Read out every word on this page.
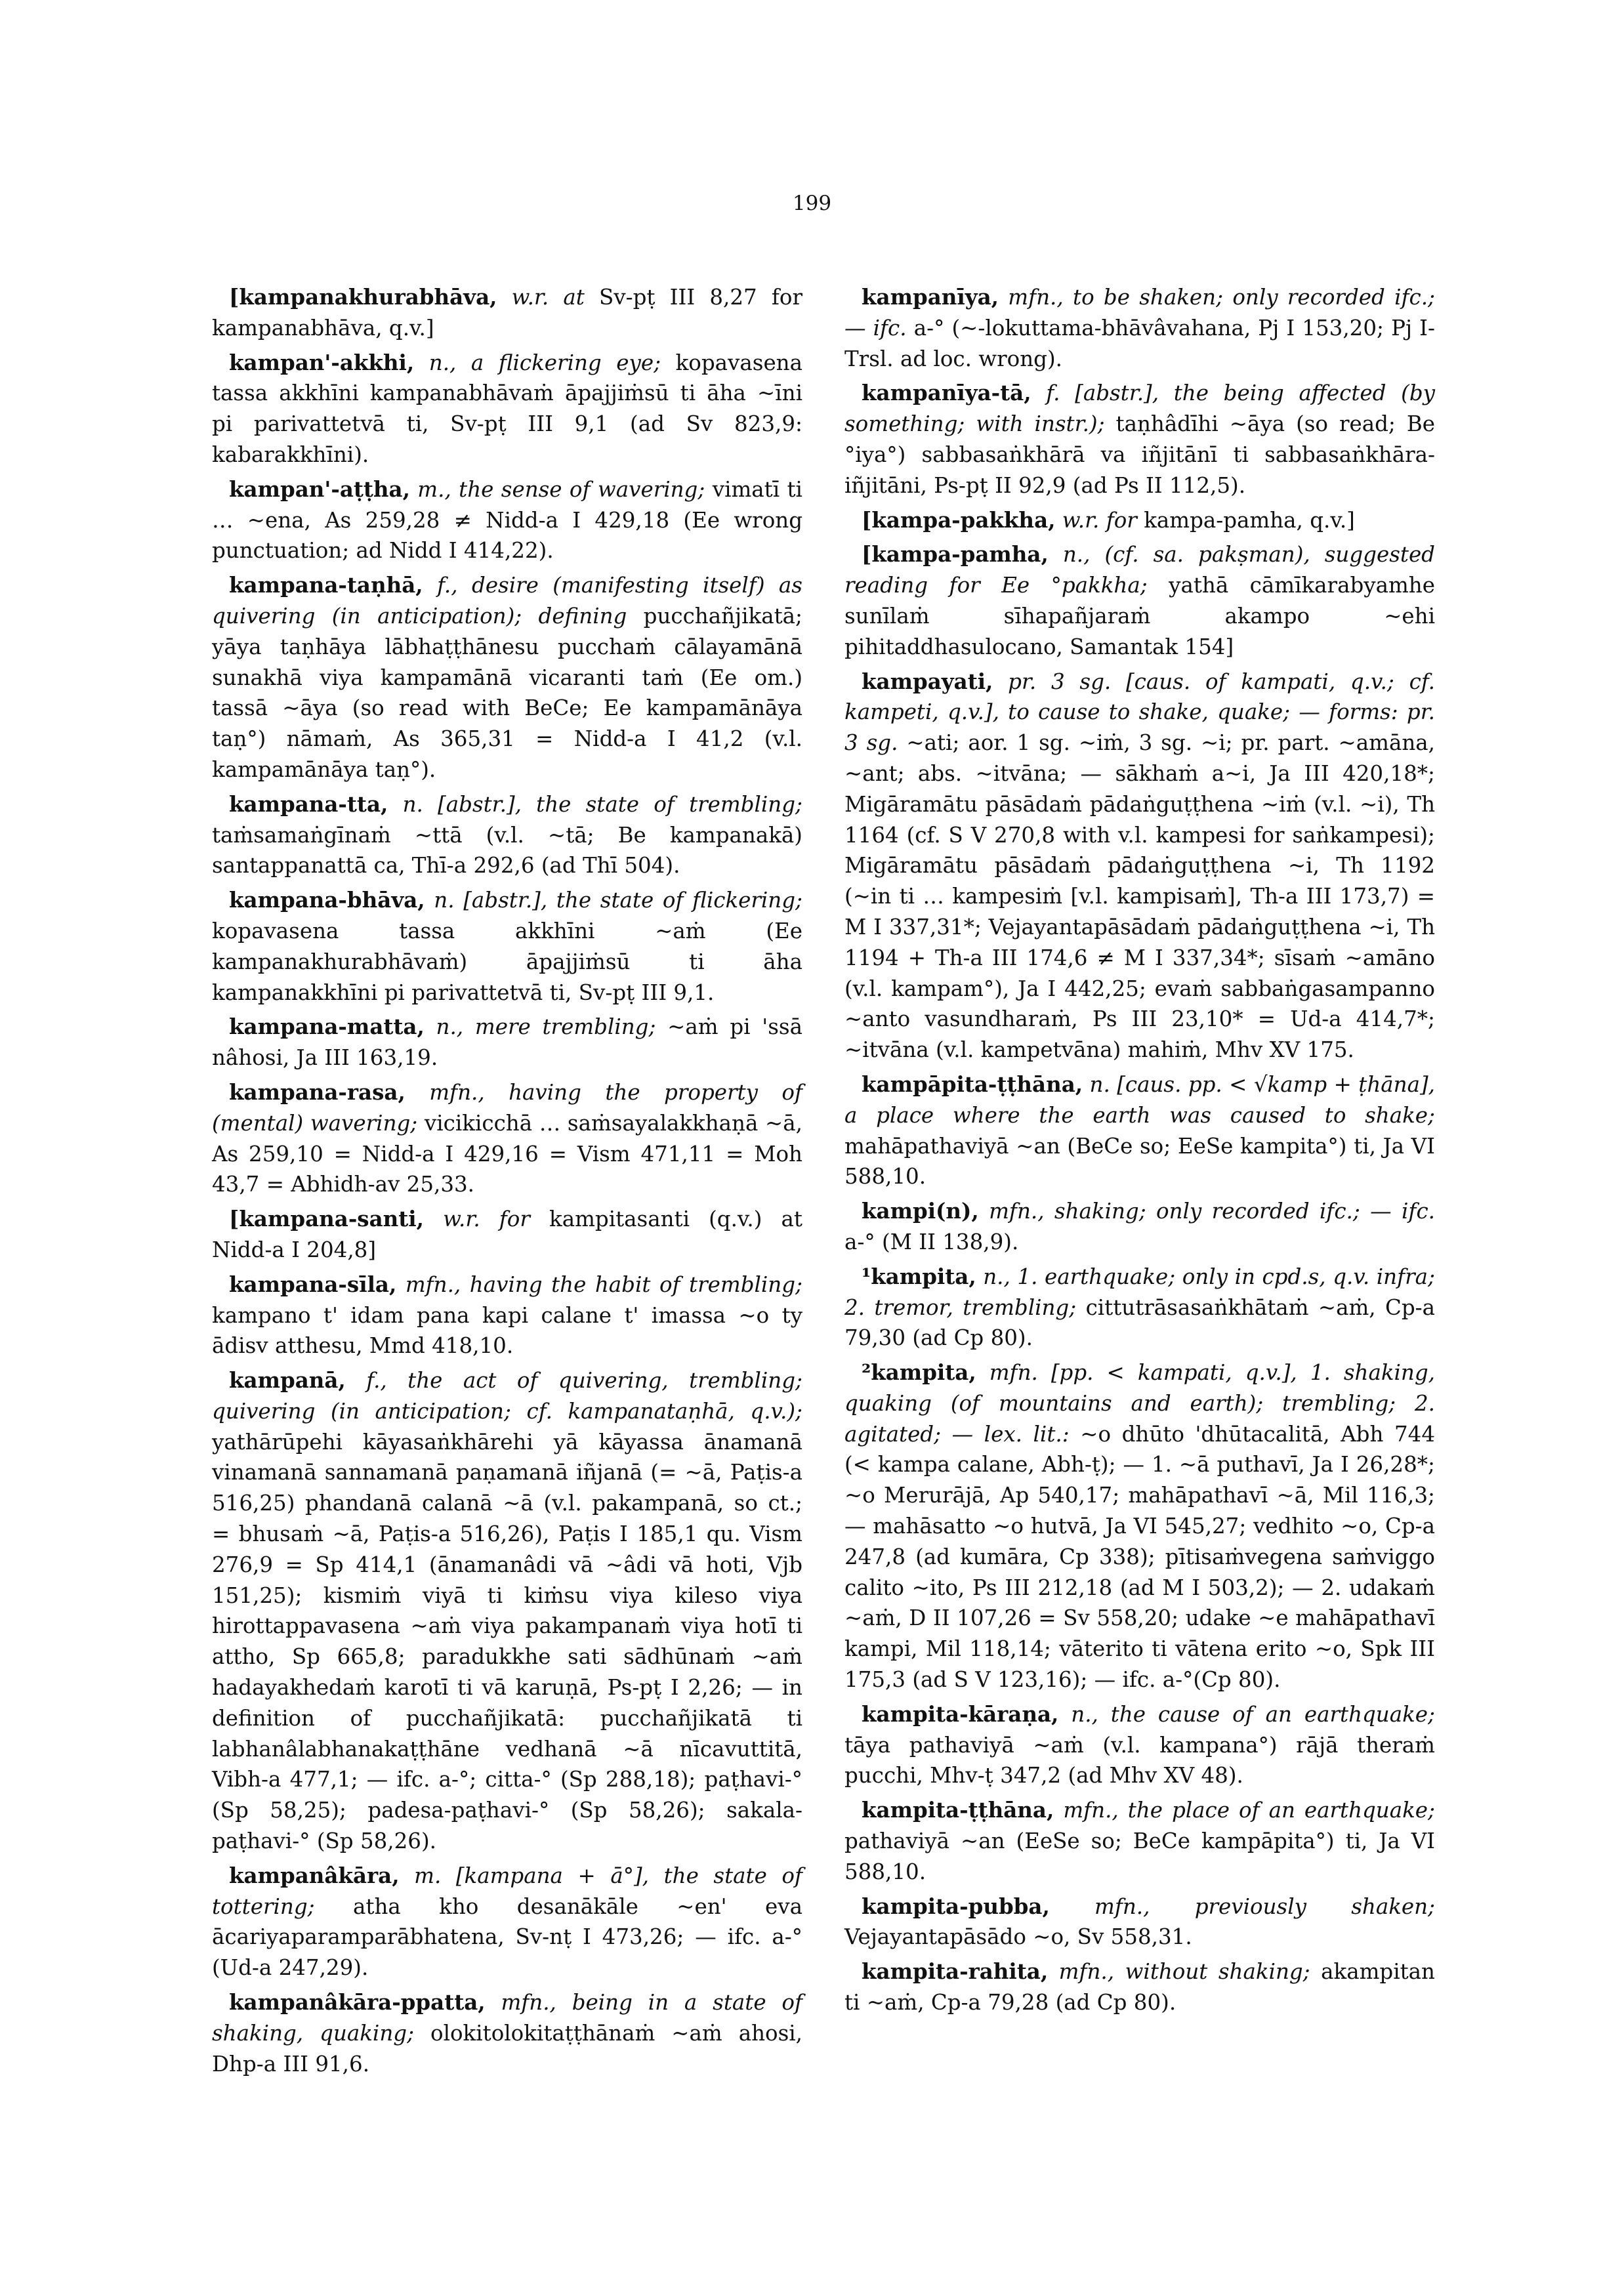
199

[kampanakhurabhāva, w.r. at Sv-pṭ III 8,27 for kampanabhāva, q.v.]

kampan'-akkhi, n., a flickering eye; kopavasena tassa akkhīni kampanabhāvaṁ āpajjiṁsū ti āha ~īni pi parivattetvā ti, Sv-pṭ III 9,1 (ad Sv 823,9: kabarakkhīni).

kampan'-aṭṭha, m., the sense of wavering; vimatī ti … ~ena, As 259,28 ≠ Nidd-a I 429,18 (Ee wrong punctuation; ad Nidd I 414,22).

kampana-taṇhā, f., desire (manifesting itself) as quivering (in anticipation); defining pucchañjikatā; yāya taṇhāya lābhaṭṭhānesu pucchaṁ cālayamānā sunakhā viya kampamānā vicaranti taṁ (Ee om.) tassā ~āya (so read with BeCe; Ee kampamānāya taṇ°) nāmaṁ, As 365,31 = Nidd-a I 41,2 (v.l. kampamānāya taṇ°).

kampana-tta, n. [abstr.], the state of trembling; taṁsamaṅgīnaṁ ~ttā (v.l. ~tā; Be kampanakā) santappanattā ca, Thī-a 292,6 (ad Thī 504).

kampana-bhāva, n. [abstr.], the state of flickering; kopavasena tassa akkhīni ~aṁ (Ee kampanakhurabhāvaṁ) āpajjiṁsū ti āha kampanakkhīni pi parivattetvā ti, Sv-pṭ III 9,1.

kampana-matta, n., mere trembling; ~aṁ pi 'ssā nâhosi, Ja III 163,19.

kampana-rasa, mfn., having the property of (mental) wavering; vicikicchā … saṁsayalakkhaṇā ~ā, As 259,10 = Nidd-a I 429,16 = Vism 471,11 = Moh 43,7 = Abhidh-av 25,33.

[kampana-santi, w.r. for kampitasanti (q.v.) at Nidd-a I 204,8]

kampana-sīla, mfn., having the habit of trembling; kampano t' idam pana kapi calane t' imassa ~o ty ādisv atthesu, Mmd 418,10.

kampanā, f., the act of quivering, trembling; quivering (in anticipation; cf. kampanataṇhā, q.v.); yathārūpehi kāyasaṅkhārehi yā kāyassa ānamanā vinamanā sannamanā paṇamanā iñjanā (= ~ā, Paṭis-a 516,25) phandanā calanā ~ā (v.l. pakampanā, so ct.; = bhusaṁ ~ā, Paṭis-a 516,26), Paṭis I 185,1 qu. Vism 276,9 = Sp 414,1 (ānamanâdi vā ~âdi vā hoti, Vjb 151,25); kismiṁ viyā ti kiṁsu viya kileso viya hirottappavasena ~aṁ viya pakampanaṁ viya hotī ti attho, Sp 665,8; paradukkhe sati sādhūnaṁ ~aṁ hadayakhedaṁ karotī ti vā karuṇā, Ps-pṭ I 2,26; — in definition of pucchañjikatā: pucchañjikatā ti labhanâlabhanakaṭṭhāne vedhanā ~ā nīcavuttitā, Vibh-a 477,1; — ifc. a-°; citta-° (Sp 288,18); paṭhavi-° (Sp 58,25); padesa-paṭhavi-° (Sp 58,26); sakala-paṭhavi-° (Sp 58,26).

kampanâkāra, m. [kampana + ā°], the state of tottering; atha kho desanākāle ~en' eva ācariyaparamparābhatena, Sv-nṭ I 473,26; — ifc. a-° (Ud-a 247,29).

kampanâkāra-ppatta, mfn., being in a state of shaking, quaking; olokitolokitaṭṭhānaṁ ~aṁ ahosi, Dhp-a III 91,6.

kampanīya, mfn., to be shaken; only recorded ifc.; — ifc. a-° (~-lokuttama-bhāvâvahana, Pj I 153,20; Pj I-Trsl. ad loc. wrong).

kampanīya-tā, f. [abstr.], the being affected (by something; with instr.); taṇhâdīhi ~āya (so read; Be °iya°) sabbasaṅkhārā va iñjitānī ti sabbasaṅkhāra-iñjitāni, Ps-pṭ II 92,9 (ad Ps II 112,5).

[kampa-pakkha, w.r. for kampa-pamha, q.v.]

[kampa-pamha, n., (cf. sa. pakṣman), suggested reading for Ee °pakkha; yathā cāmīkarabyamhe sunīlaṁ sīhapañjaraṁ akampo ~ehi pihitaddhasulocano, Samantak 154]

kampayati, pr. 3 sg. [caus. of kampati, q.v.; cf. kampeti, q.v.], to cause to shake, quake; — forms: pr. 3 sg. ~ati; aor. 1 sg. ~iṁ, 3 sg. ~i; pr. part. ~amāna, ~ant; abs. ~itvāna; — sākhaṁ a~i, Ja III 420,18*; Migāramātu pāsādaṁ pādaṅguṭṭhena ~iṁ (v.l. ~i), Th 1164 (cf. S V 270,8 with v.l. kampesi for saṅkampesi); Migāramātu pāsādaṁ pādaṅguṭṭhena ~i, Th 1192 (~in ti … kampesiṁ [v.l. kampisaṁ], Th-a III 173,7) = M I 337,31*; Vejayantapāsādaṁ pādaṅguṭṭhena ~i, Th 1194 + Th-a III 174,6 ≠ M I 337,34*; sīsaṁ ~amāno (v.l. kampam°), Ja I 442,25; evaṁ sabbaṅgasampanno ~anto vasundharaṁ, Ps III 23,10* = Ud-a 414,7*; ~itvāna (v.l. kampetvāna) mahiṁ, Mhv XV 175.

kampāpita-ṭṭhāna, n. [caus. pp. < √kamp + ṭhāna], a place where the earth was caused to shake; mahāpathaviyā ~an (BeCe so; EeSe kampita°) ti, Ja VI 588,10.

kampi(n), mfn., shaking; only recorded ifc.; — ifc. a-° (M II 138,9).

¹kampita, n., 1. earthquake; only in cpd.s, q.v. infra; 2. tremor, trembling; cittutrāsasaṅkhātaṁ ~aṁ, Cp-a 79,30 (ad Cp 80).

²kampita, mfn. [pp. < kampati, q.v.], 1. shaking, quaking (of mountains and earth); trembling; 2. agitated; — lex. lit.: ~o dhūto 'dhūtacalitā, Abh 744 (< kampa calane, Abh-ṭ); — 1. ~ā puthavī, Ja I 26,28*; ~o Merurājā, Ap 540,17; mahāpathavī ~ā, Mil 116,3; — mahāsatto ~o hutvā, Ja VI 545,27; vedhito ~o, Cp-a 247,8 (ad kumāra, Cp 338); pītisaṁvegena saṁviggo calito ~ito, Ps III 212,18 (ad M I 503,2); — 2. udakaṁ ~aṁ, D II 107,26 = Sv 558,20; udake ~e mahāpathavī kampi, Mil 118,14; vāterito ti vātena erito ~o, Spk III 175,3 (ad S V 123,16); — ifc. a-°(Cp 80).

kampita-kāraṇa, n., the cause of an earthquake; tāya pathaviyā ~aṁ (v.l. kampana°) rājā theraṁ pucchi, Mhv-ṭ 347,2 (ad Mhv XV 48).

kampita-ṭṭhāna, mfn., the place of an earthquake; pathaviyā ~an (EeSe so; BeCe kampāpita°) ti, Ja VI 588,10.

kampita-pubba, mfn., previously shaken; Vejayantapāsādo ~o, Sv 558,31.

kampita-rahita, mfn., without shaking; akampitan ti ~aṁ, Cp-a 79,28 (ad Cp 80).
